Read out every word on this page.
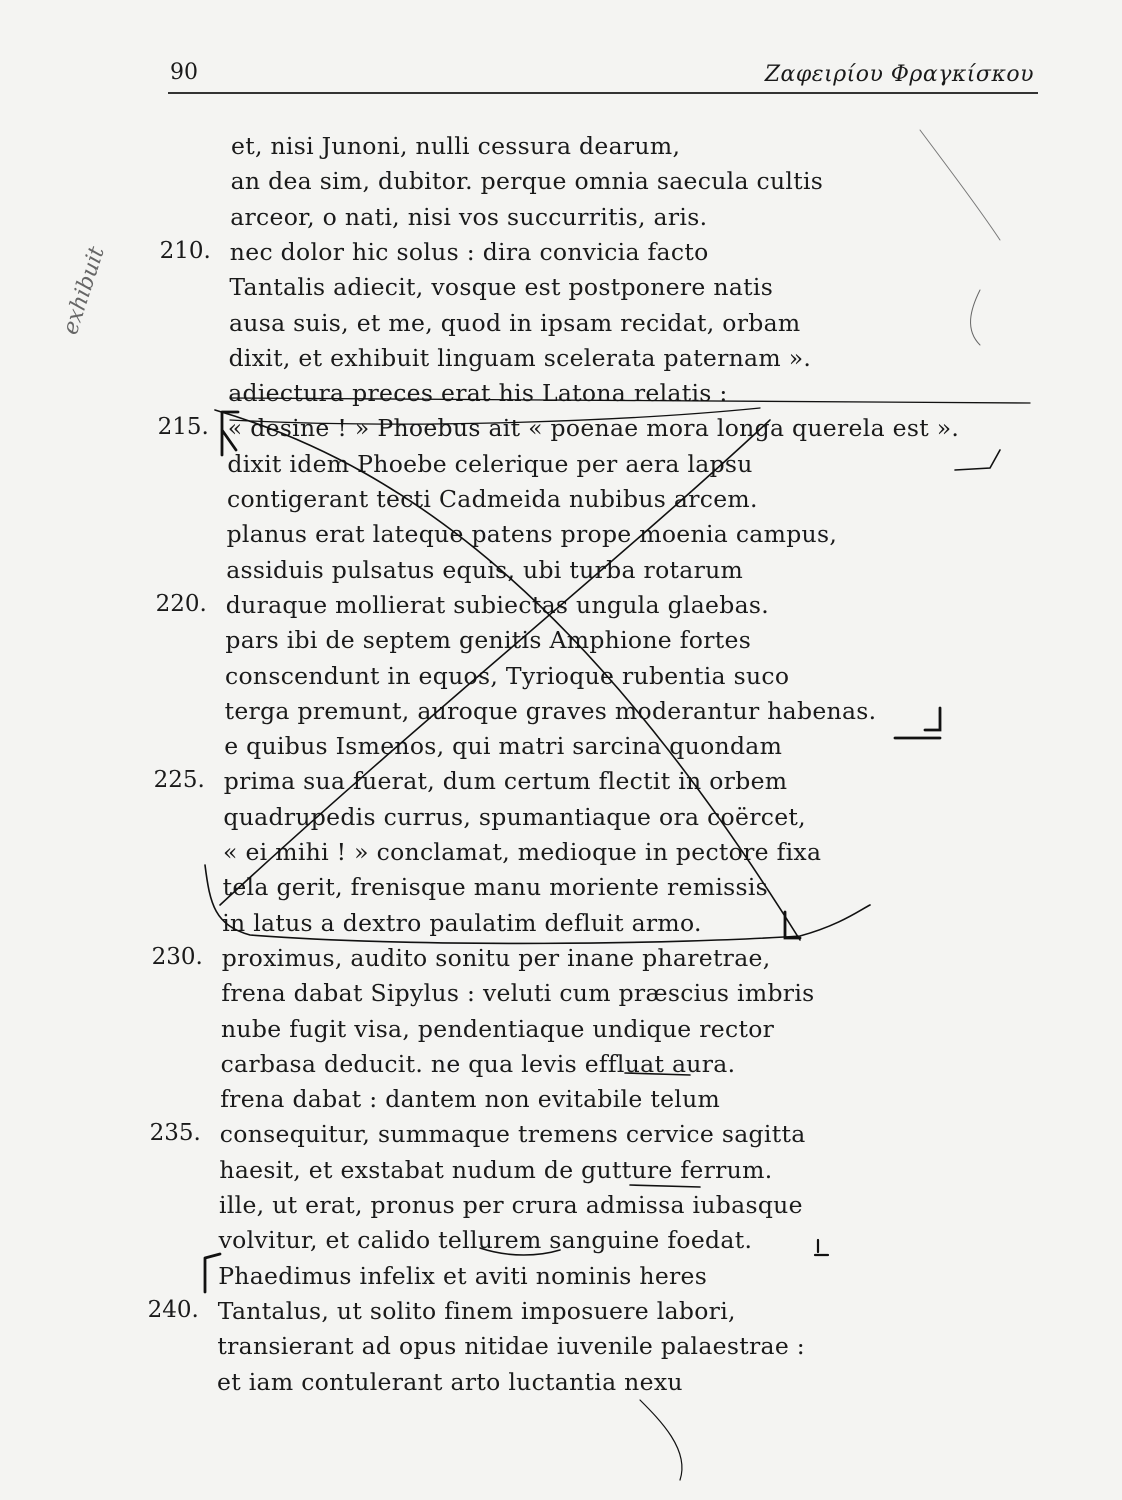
90	Ζαφειρίου Φραγκίσκου
exhibuit
et, nisi Junoni, nulli cessura dearum,
an dea sim, dubitor. perque omnia saecula cultis
arceor, o nati, nisi vos succurritis, aris.
210. nec dolor hic solus : dira convicia facto
Tantalis adiecit, vosque est postponere natis
ausa suis, et me, quod in ipsam recidat, orbam
dixit, et exhibuit linguam scelerata paternam ».
adiectura preces erat his Latona relatis :
215. « desine ! » Phoebus ait « poenae mora longa querela est ».
dixit idem Phoebe celerique per aera lapsu
contigerant tecti Cadmeida nubibus arcem.
planus erat lateque patens prope moenia campus,
assiduis pulsatus equis, ubi turba rotarum
220. duraque mollierat subiectas ungula glaebas.
pars ibi de septem genitis Amphione fortes
conscendunt in equos, Tyrioque rubentia suco
terga premunt, auroque graves moderantur habenas.
e quibus Ismenos, qui matri sarcina quondam
225. prima sua fuerat, dum certum flectit in orbem
quadrupedis currus, spumantiaque ora coërcet,
« ei mihi ! » conclamat, medioque in pectore fixa
tela gerit, frenisque manu moriente remissis
in latus a dextro paulatim defluit armo.
230. proximus, audito sonitu per inane pharetrae,
frena dabat Sipylus : veluti cum præscius imbris
nube fugit visa, pendentiaque undique rector
carbasa deducit. ne qua levis effluat aura.
frena dabat : dantem non evitabile telum
235. consequitur, summaque tremens cervice sagitta
haesit, et exstabat nudum de gutture ferrum.
ille, ut erat, pronus per crura admissa iubasque
volvitur, et calido tellurem sanguine foedat.
Phaedimus infelix et aviti nominis heres
240. Tantalus, ut solito finem imposuere labori,
transierant ad opus nitidae iuvenile palaestrae :
et iam contulerant arto luctantia nexu
